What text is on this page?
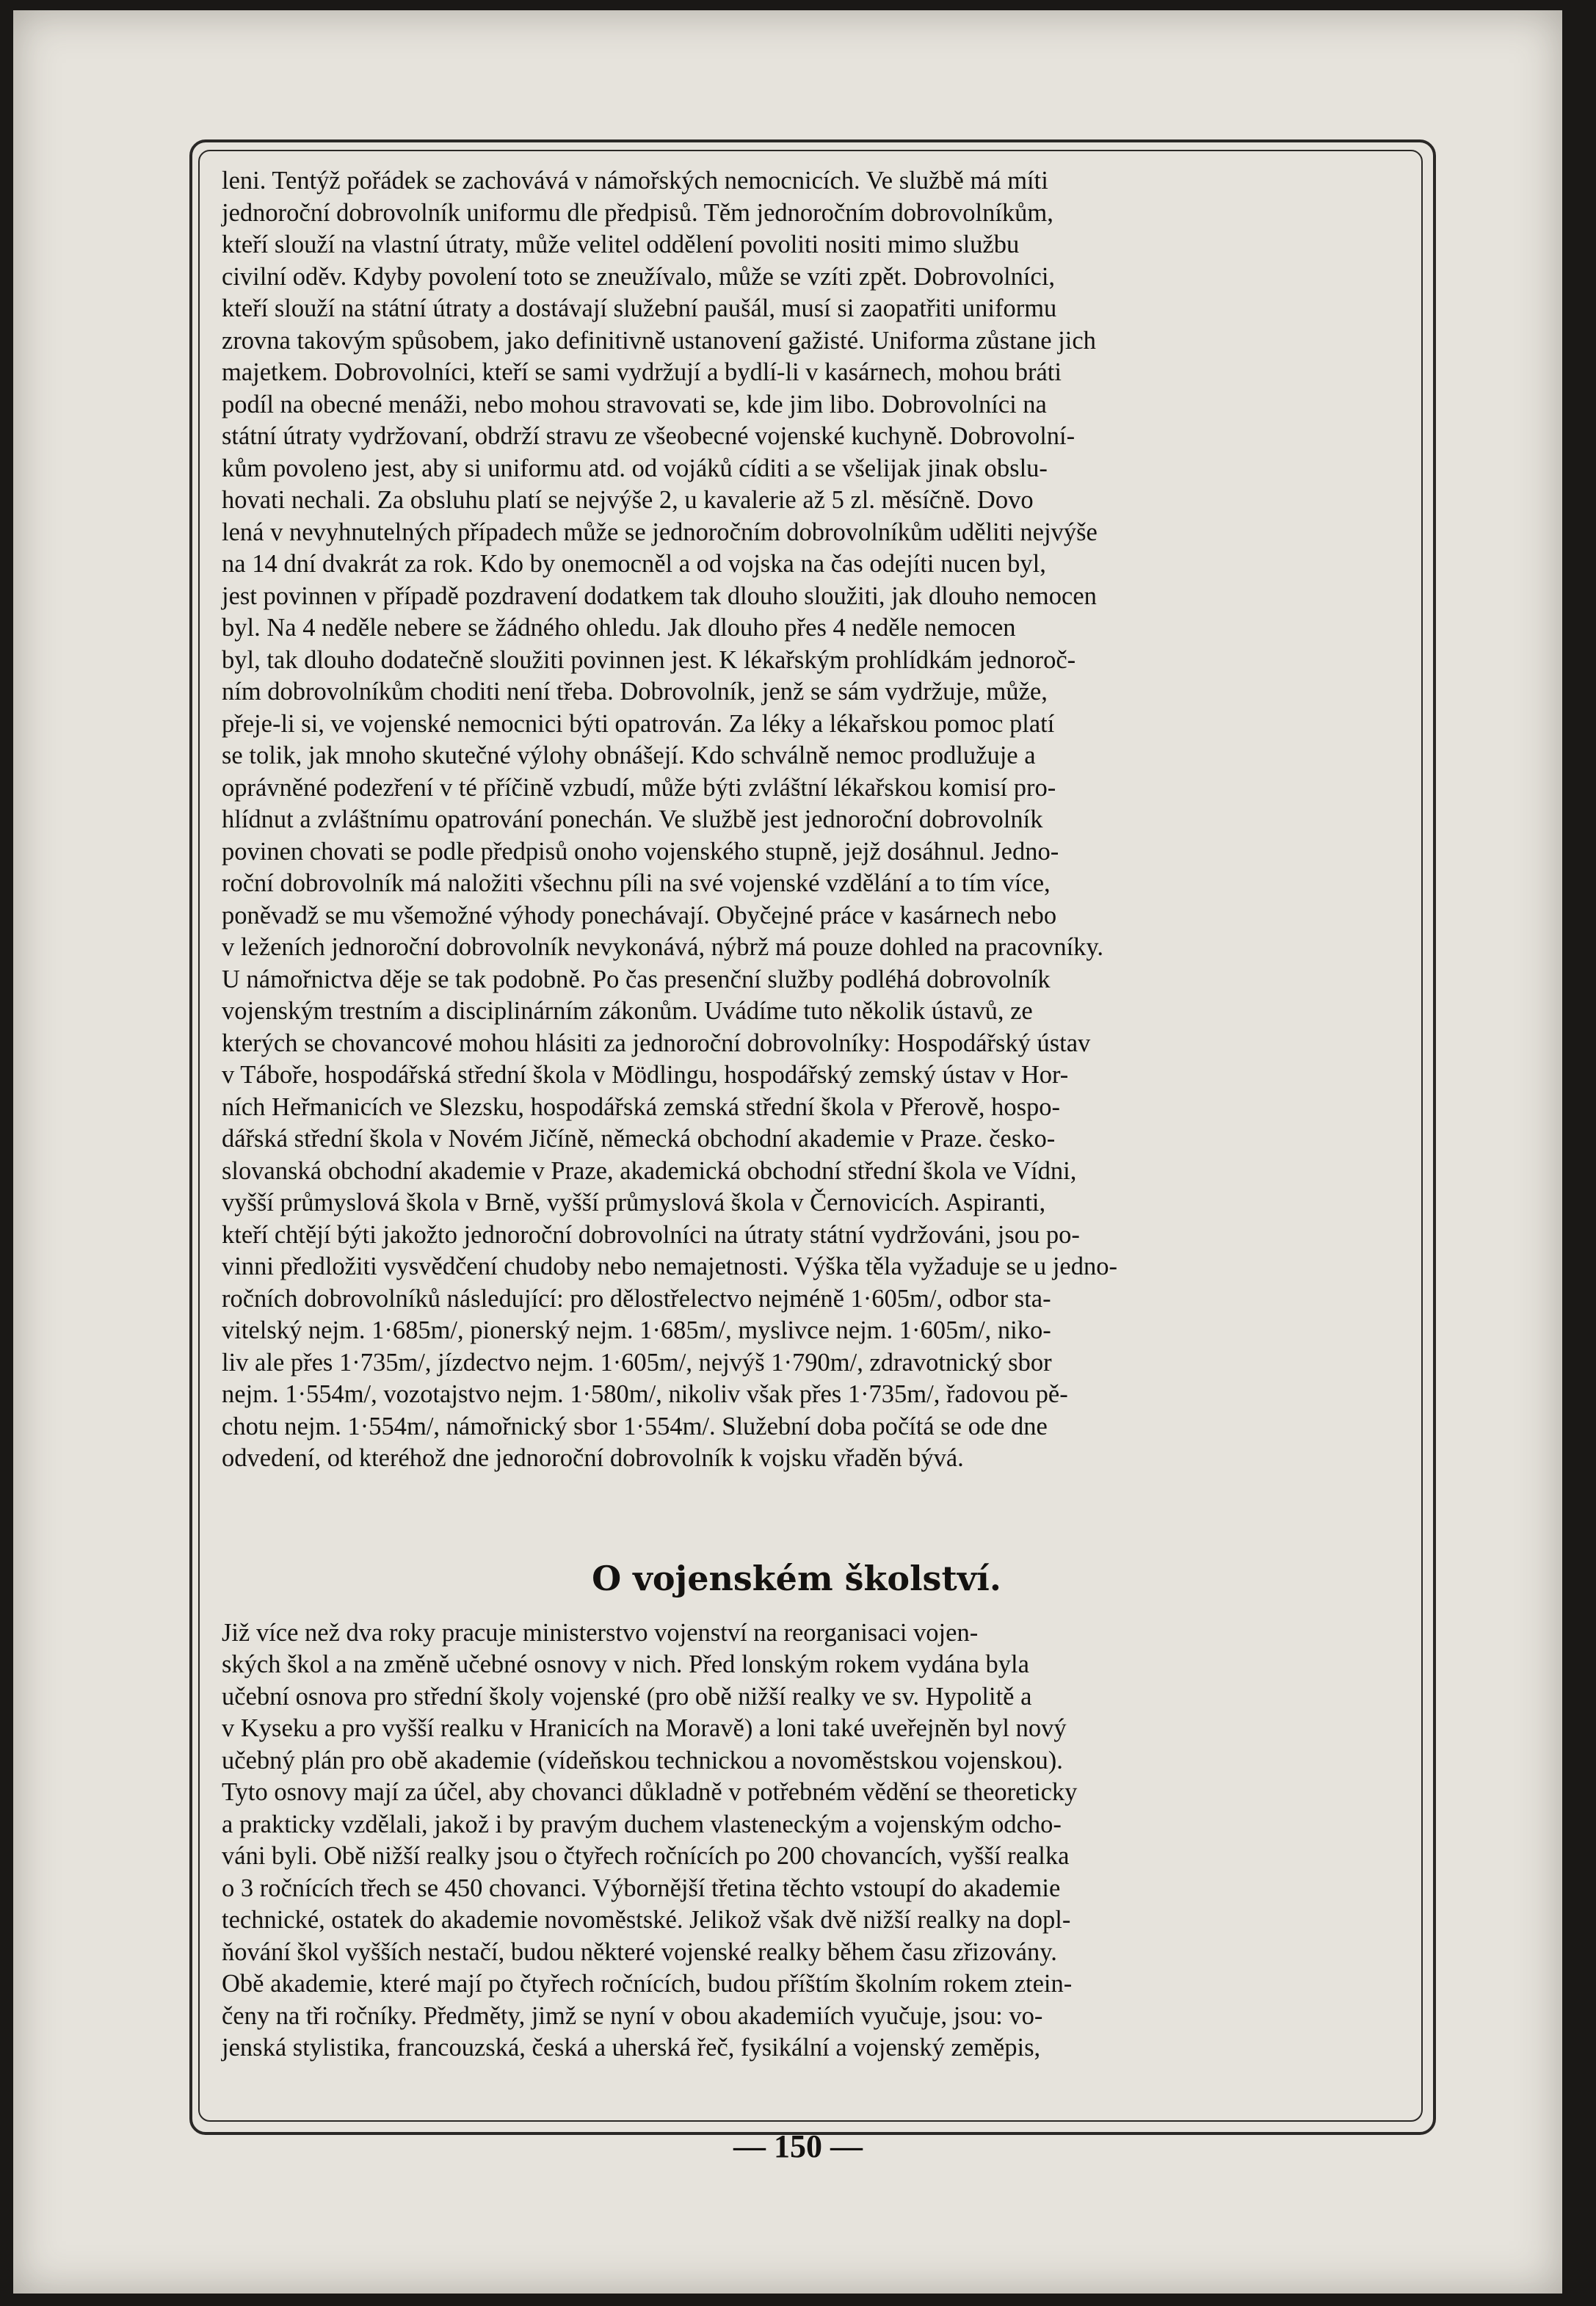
leni. Tentýž pořádek se zachovává v námořských nemocnicích. Ve službě má míti
jednoroční dobrovolník uniformu dle předpisů. Těm jednoročním dobrovolníkům,
kteří slouží na vlastní útraty, může velitel oddělení povoliti nositi mimo službu
civilní oděv. Kdyby povolení toto se zneužívalo, může se vzíti zpět. Dobrovolníci,
kteří slouží na státní útraty a dostávají služební paušál, musí si zaopatřiti uniformu
zrovna takovým spůsobem, jako definitivně ustanovení gažisté. Uniforma zůstane jich
majetkem. Dobrovolníci, kteří se sami vydržují a bydlí-li v kasárnech, mohou bráti
podíl na obecné menáži, nebo mohou stravovati se, kde jim libo. Dobrovolníci na
státní útraty vydržovaní, obdrží stravu ze všeobecné vojenské kuchyně. Dobrovolní-
kům povoleno jest, aby si uniformu atd. od vojáků cíditi a se všelijak jinak obslu-
hovati nechali. Za obsluhu platí se nejvýše 2, u kavalerie až 5 zl. měsíčně. Dovo
lená v nevyhnutelných případech může se jednoročním dobrovolníkům uděliti nejvýše
na 14 dní dvakrát za rok. Kdo by onemocněl a od vojska na čas odejíti nucen byl,
jest povinnen v případě pozdravení dodatkem tak dlouho sloužiti, jak dlouho nemocen
byl. Na 4 neděle nebere se žádného ohledu. Jak dlouho přes 4 neděle nemocen
byl, tak dlouho dodatečně sloužiti povinnen jest. K lékařským prohlídkám jednoroč-
ním dobrovolníkům choditi není třeba. Dobrovolník, jenž se sám vydržuje, může,
přeje-li si, ve vojenské nemocnici býti opatrován. Za léky a lékařskou pomoc platí
se tolik, jak mnoho skutečné výlohy obnášejí. Kdo schválně nemoc prodlužuje a
oprávněné podezření v té příčině vzbudí, může býti zvláštní lékařskou komisí pro-
hlídnut a zvláštnímu opatrování ponechán. Ve službě jest jednoroční dobrovolník
povinen chovati se podle předpisů onoho vojenského stupně, jejž dosáhnul. Jedno-
roční dobrovolník má naložiti všechnu píli na své vojenské vzdělání a to tím více,
poněvadž se mu všemožné výhody ponechávají. Obyčejné práce v kasárnech nebo
v leženích jednoroční dobrovolník nevykonává, nýbrž má pouze dohled na pracovníky.
U námořnictva děje se tak podobně. Po čas presenční služby podléhá dobrovolník
vojenským trestním a disciplinárním zákonům. Uvádíme tuto několik ústavů, ze
kterých se chovancové mohou hlásiti za jednoroční dobrovolníky: Hospodářský ústav
v Táboře, hospodářská střední škola v Mödlingu, hospodářský zemský ústav v Hor-
ních Heřmanicích ve Slezsku, hospodářská zemská střední škola v Přerově, hospo-
dářská střední škola v Novém Jičíně, německá obchodní akademie v Praze. česko-
slovanská obchodní akademie v Praze, akademická obchodní střední škola ve Vídni,
vyšší průmyslová škola v Brně, vyšší průmyslová škola v Černovicích. Aspiranti,
kteří chtějí býti jakožto jednoroční dobrovolníci na útraty státní vydržováni, jsou po-
vinni předložiti vysvědčení chudoby nebo nemajetnosti. Výška těla vyžaduje se u jedno-
ročních dobrovolníků následující: pro dělostřelectvo nejméně 1·605m/, odbor sta-
vitelský nejm. 1·685m/, pionerský nejm. 1·685m/, myslivce nejm. 1·605m/, niko-
liv ale přes 1·735m/, jízdectvo nejm. 1·605m/, nejvýš 1·790m/, zdravotnický sbor
nejm. 1·554m/, vozotajstvo nejm. 1·580m/, nikoliv však přes 1·735m/, řadovou pě-
chotu nejm. 1·554m/, námořnický sbor 1·554m/. Služební doba počítá se ode dne
odvedení, od kteréhož dne jednoroční dobrovolník k vojsku vřaděn bývá.

O vojenském školství.

Již více než dva roky pracuje ministerstvo vojenství na reorganisaci vojen-
ských škol a na změně učebné osnovy v nich. Před lonským rokem vydána byla
učební osnova pro střední školy vojenské (pro obě nižší realky ve sv. Hypolitě a
v Kyseku a pro vyšší realku v Hranicích na Moravě) a loni také uveřejněn byl nový
učebný plán pro obě akademie (vídeňskou technickou a novoměstskou vojenskou).
Tyto osnovy mají za účel, aby chovanci důkladně v potřebném vědění se theoreticky
a prakticky vzdělali, jakož i by pravým duchem vlasteneckým a vojenským odcho-
váni byli. Obě nižší realky jsou o čtyřech ročnících po 200 chovancích, vyšší realka
o 3 ročnících třech se 450 chovanci. Výbornější třetina těchto vstoupí do akademie
technické, ostatek do akademie novoměstské. Jelikož však dvě nižší realky na dopl-
ňování škol vyšších nestačí, budou některé vojenské realky během času zřizovány.
Obě akademie, které mají po čtyřech ročnících, budou příštím školním rokem ztein-
čeny na tři ročníky. Předměty, jimž se nyní v obou akademiích vyučuje, jsou: vo-
jenská stylistika, francouzská, česká a uherská řeč, fysikální a vojenský zeměpis,

— 150 —
